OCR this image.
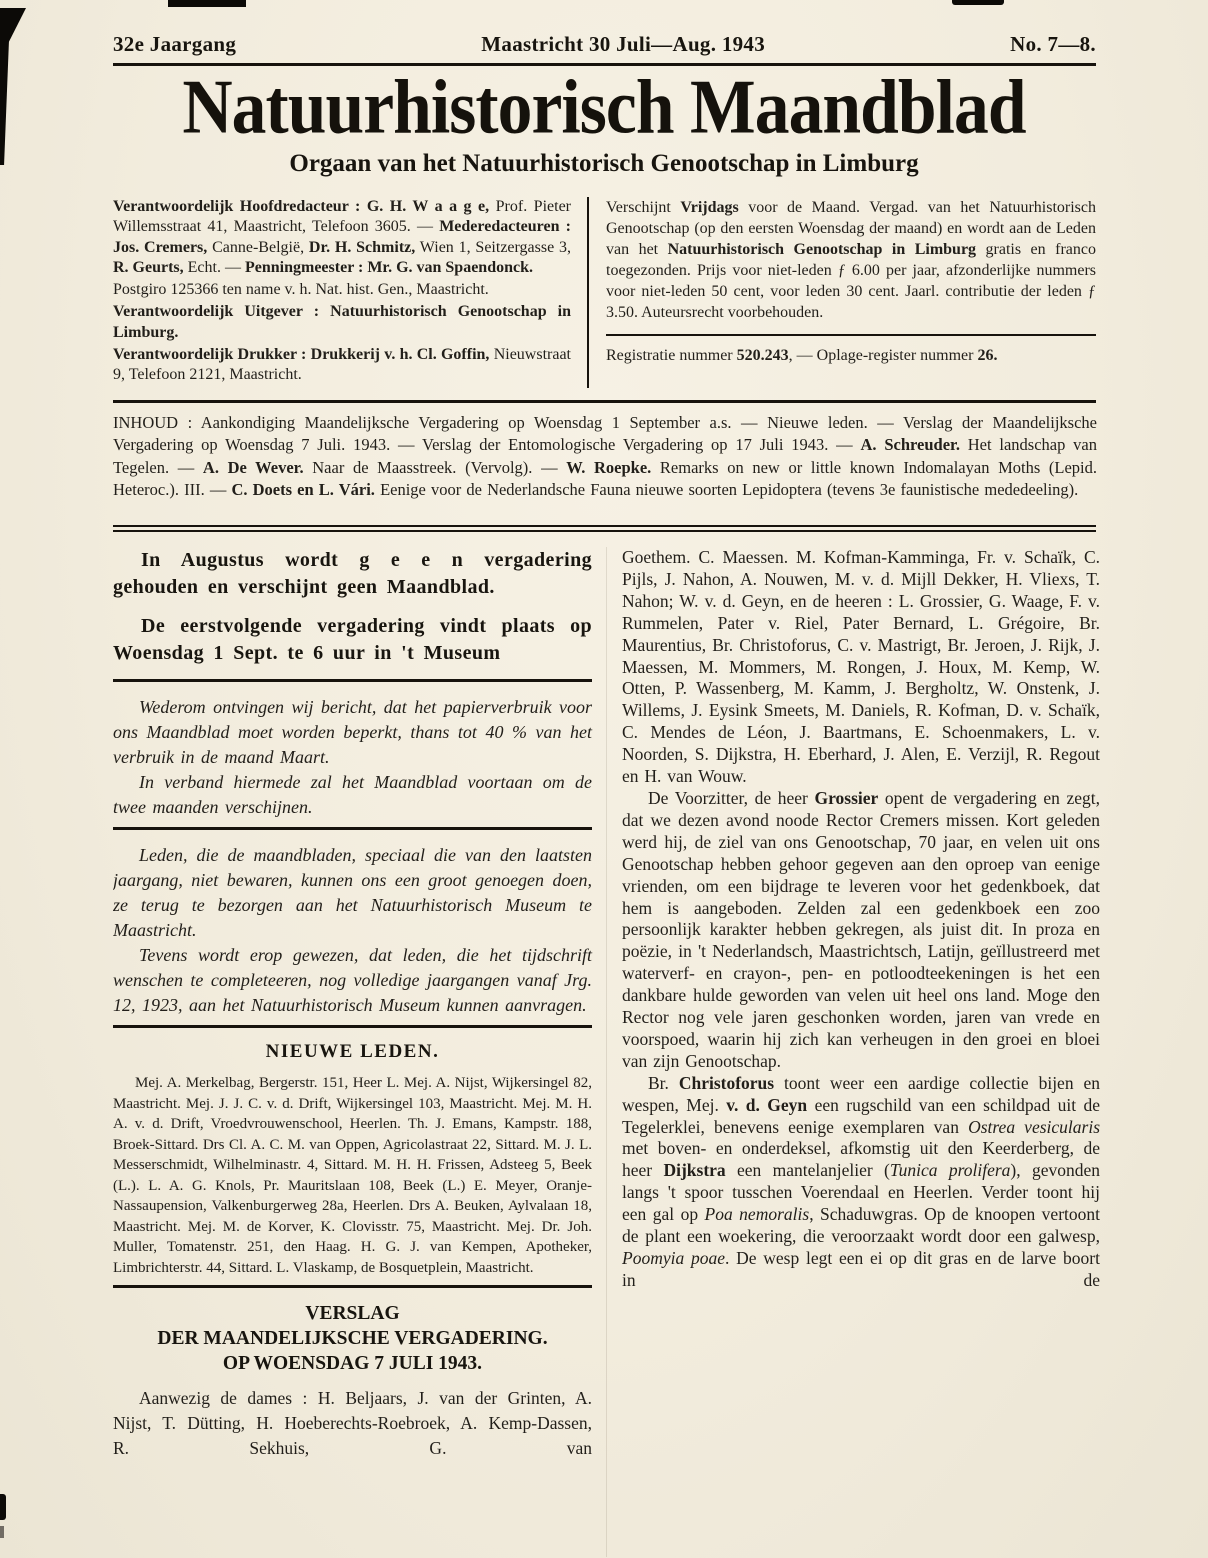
32e Jaargang	Maastricht 30 Juli—Aug. 1943	No. 7—8.
Natuurhistorisch Maandblad
Orgaan van het Natuurhistorisch Genootschap in Limburg

Verantwoordelijk Hoofdredacteur : G. H. W a a g e, Prof. Pieter Willemsstraat 41, Maastricht, Telefoon 3605. — Mederedacteuren : Jos. Cremers, Canne-België, Dr. H. Schmitz, Wien 1, Seitzergasse 3, R. Geurts, Echt. — Penningmeester : Mr. G. van Spaendonck.

Postgiro 125366 ten name v. h. Nat. hist. Gen., Maastricht.

Verantwoordelijk Uitgever : Natuurhistorisch Genootschap in Limburg.

Verantwoordelijk Drukker : Drukkerij v. h. Cl. Goffin, Nieuwstraat 9, Telefoon 2121, Maastricht.

Verschijnt Vrijdags voor de Maand. Vergad. van het Natuurhistorisch Genootschap (op den eersten Woensdag der maand) en wordt aan de Leden van het Natuurhistorisch Genootschap in Limburg gratis en franco toegezonden. Prijs voor niet-leden ƒ 6.00 per jaar, afzonderlijke nummers voor niet-leden 50 cent, voor leden 30 cent. Jaarl. contributie der leden ƒ 3.50. Auteursrecht voorbehouden.

Registratie nummer 520.243, — Oplage-register nummer 26.

INHOUD : Aankondiging Maandelijksche Vergadering op Woensdag 1 September a.s. — Nieuwe leden. — Verslag der Maandelijksche Vergadering op Woensdag 7 Juli. 1943. — Verslag der Entomologische Vergadering op 17 Juli 1943. — A. Schreuder. Het landschap van Tegelen. — A. De Wever. Naar de Maasstreek. (Vervolg). — W. Roepke. Remarks on new or little known Indomalayan Moths (Lepid. Heteroc.). III. — C. Doets en L. Vári. Eenige voor de Nederlandsche Fauna nieuwe soorten Lepidoptera (tevens 3e faunistische mededeeling).

In Augustus wordt g e e n vergadering gehouden en verschijnt geen Maandblad.

De eerstvolgende vergadering vindt plaats op Woensdag 1 Sept. te 6 uur in 't Museum

Wederom ontvingen wij bericht, dat het papierverbruik voor ons Maandblad moet worden beperkt, thans tot 40 % van het verbruik in de maand Maart.

In verband hiermede zal het Maandblad voortaan om de twee maanden verschijnen.

Leden, die de maandbladen, speciaal die van den laatsten jaargang, niet bewaren, kunnen ons een groot genoegen doen, ze terug te bezorgen aan het Natuurhistorisch Museum te Maastricht.

Tevens wordt erop gewezen, dat leden, die het tijdschrift wenschen te completeeren, nog volledige jaargangen vanaf Jrg. 12, 1923, aan het Natuurhistorisch Museum kunnen aanvragen.

NIEUWE LEDEN.

Mej. A. Merkelbag, Bergerstr. 151, Heer L. Mej. A. Nijst, Wijkersingel 82, Maastricht. Mej. J. J. C. v. d. Drift, Wijkersingel 103, Maastricht. Mej. M. H. A. v. d. Drift, Vroedvrouwenschool, Heerlen. Th. J. Emans, Kampstr. 188, Broek-Sittard. Drs Cl. A. C. M. van Oppen, Agricolastraat 22, Sittard. M. J. L. Messerschmidt, Wilhelminastr. 4, Sittard. M. H. H. Frissen, Adsteeg 5, Beek (L.). L. A. G. Knols, Pr. Mauritslaan 108, Beek (L.) E. Meyer, Oranje-Nassaupension, Valkenburgerweg 28a, Heerlen. Drs A. Beuken, Aylvalaan 18, Maastricht. Mej. M. de Korver, K. Clovisstr. 75, Maastricht. Mej. Dr. Joh. Muller, Tomatenstr. 251, den Haag. H. G. J. van Kempen, Apotheker, Limbrichterstr. 44, Sittard. L. Vlaskamp, de Bosquetplein, Maastricht.

VERSLAG
DER MAANDELIJKSCHE VERGADERING.
OP WOENSDAG 7 JULI 1943.

Aanwezig de dames : H. Beljaars, J. van der Grinten, A. Nijst, T. Dütting, H. Hoeberechts-Roebroek, A. Kemp-Dassen, R. Sekhuis, G. van

Goethem. C. Maessen. M. Kofman-Kamminga, Fr. v. Schaïk, C. Pijls, J. Nahon, A. Nouwen, M. v. d. Mijll Dekker, H. Vliexs, T. Nahon; W. v. d. Geyn, en de heeren : L. Grossier, G. Waage, F. v. Rummelen, Pater v. Riel, Pater Bernard, L. Grégoire, Br. Maurentius, Br. Christoforus, C. v. Mastrigt, Br. Jeroen, J. Rijk, J. Maessen, M. Mommers, M. Rongen, J. Houx, M. Kemp, W. Otten, P. Wassenberg, M. Kamm, J. Bergholtz, W. Onstenk, J. Willems, J. Eysink Smeets, M. Daniels, R. Kofman, D. v. Schaïk, C. Mendes de Léon, J. Baartmans, E. Schoenmakers, L. v. Noorden, S. Dijkstra, H. Eberhard, J. Alen, E. Verzijl, R. Regout en H. van Wouw.

De Voorzitter, de heer Grossier opent de vergadering en zegt, dat we dezen avond noode Rector Cremers missen. Kort geleden werd hij, de ziel van ons Genootschap, 70 jaar, en velen uit ons Genootschap hebben gehoor gegeven aan den oproep van eenige vrienden, om een bijdrage te leveren voor het gedenkboek, dat hem is aangeboden. Zelden zal een gedenkboek een zoo persoonlijk karakter hebben gekregen, als juist dit. In proza en poëzie, in 't Nederlandsch, Maastrichtsch, Latijn, geïllustreerd met waterverf- en crayon-, pen- en potloodteekeningen is het een dankbare hulde geworden van velen uit heel ons land. Moge den Rector nog vele jaren geschonken worden, jaren van vrede en voorspoed, waarin hij zich kan verheugen in den groei en bloei van zijn Genootschap.

Br. Christoforus toont weer een aardige collectie bijen en wespen, Mej. v. d. Geyn een rugschild van een schildpad uit de Tegelerklei, benevens eenige exemplaren van Ostrea vesicularis met boven- en onderdeksel, afkomstig uit den Keerderberg, de heer Dijkstra een mantelanjelier (Tunica prolifera), gevonden langs 't spoor tusschen Voerendaal en Heerlen. Verder toont hij een gal op Poa nemoralis, Schaduwgras. Op de knoopen vertoont de plant een woekering, die veroorzaakt wordt door een galwesp, Poomyia poae. De wesp legt een ei op dit gras en de larve boort in de
